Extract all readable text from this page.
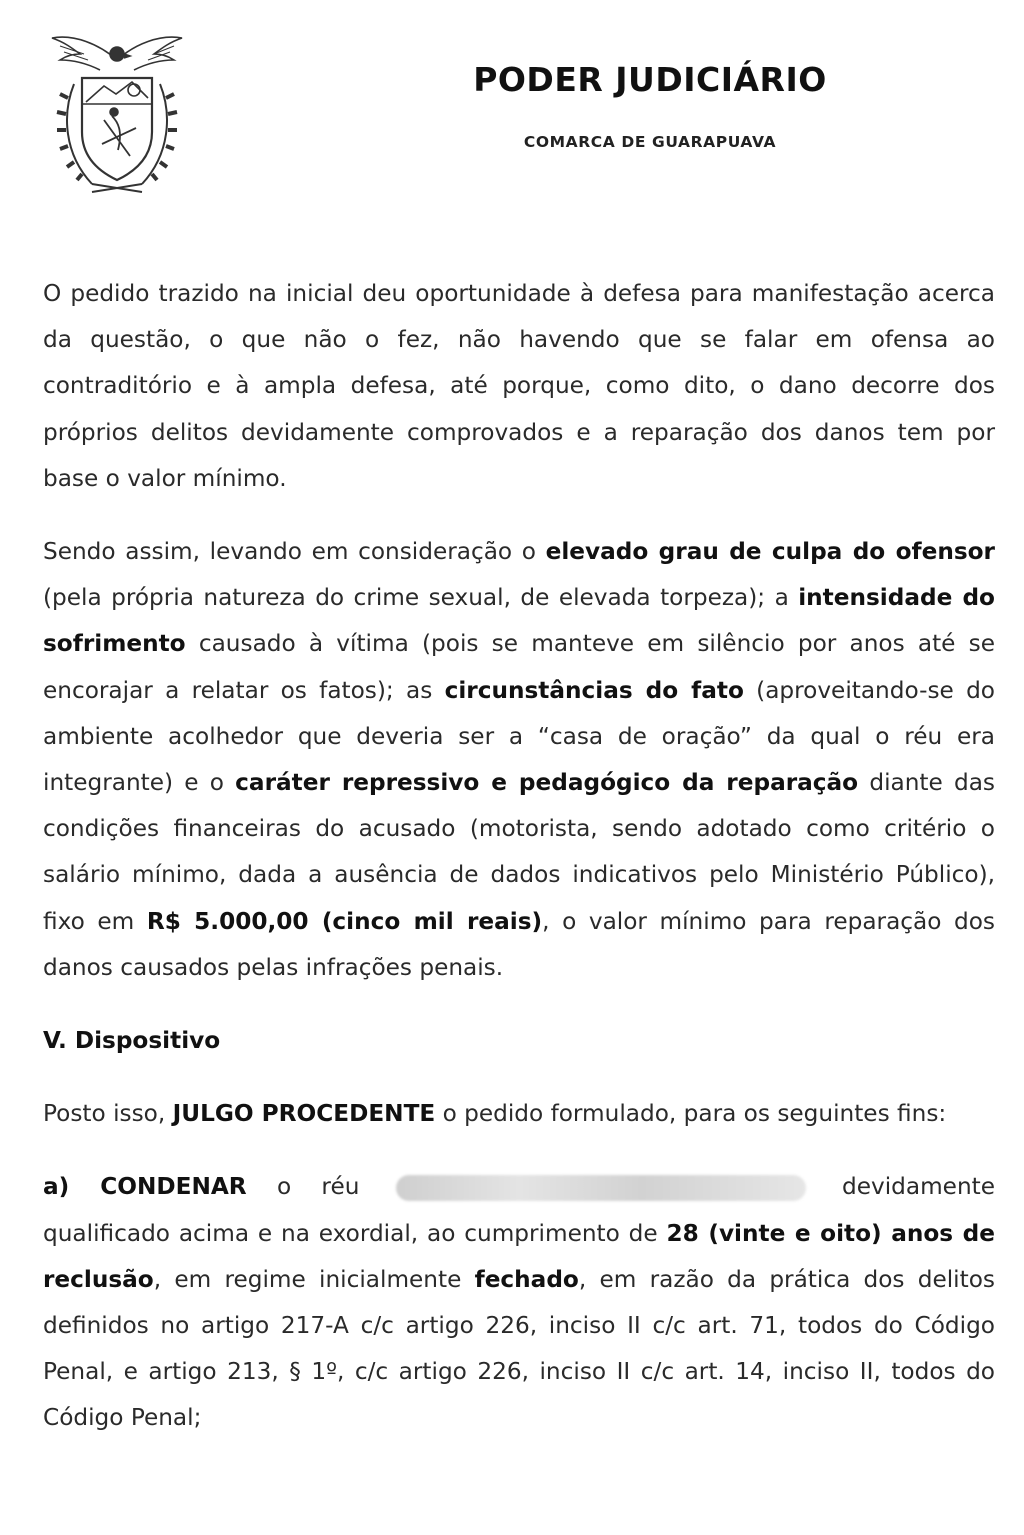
PODER JUDICIÁRIO
COMARCA DE GUARAPUAVA

O pedido trazido na inicial deu oportunidade à defesa para manifestação acerca da questão, o que não o fez, não havendo que se falar em ofensa ao contraditório e à ampla defesa, até porque, como dito, o dano decorre dos próprios delitos devidamente comprovados e a reparação dos danos tem por base o valor mínimo.

Sendo assim, levando em consideração o elevado grau de culpa do ofensor (pela própria natureza do crime sexual, de elevada torpeza); a intensidade do sofrimento causado à vítima (pois se manteve em silêncio por anos até se encorajar a relatar os fatos); as circunstâncias do fato (aproveitando-se do ambiente acolhedor que deveria ser a “casa de oração” da qual o réu era integrante) e o caráter repressivo e pedagógico da reparação diante das condições financeiras do acusado (motorista, sendo adotado como critério o salário mínimo, dada a ausência de dados indicativos pelo Ministério Público), fixo em R$ 5.000,00 (cinco mil reais), o valor mínimo para reparação dos danos causados pelas infrações penais.

V. Dispositivo

Posto isso, JULGO PROCEDENTE o pedido formulado, para os seguintes fins:

a) CONDENAR o réu	devidamente qualificado acima e na exordial, ao cumprimento de 28 (vinte e oito) anos de reclusão, em regime inicialmente fechado, em razão da prática dos delitos definidos no artigo 217-A c/c artigo 226, inciso II c/c art. 71, todos do Código Penal, e artigo 213, § 1º, c/c artigo 226, inciso II c/c art. 14, inciso II, todos do Código Penal;
